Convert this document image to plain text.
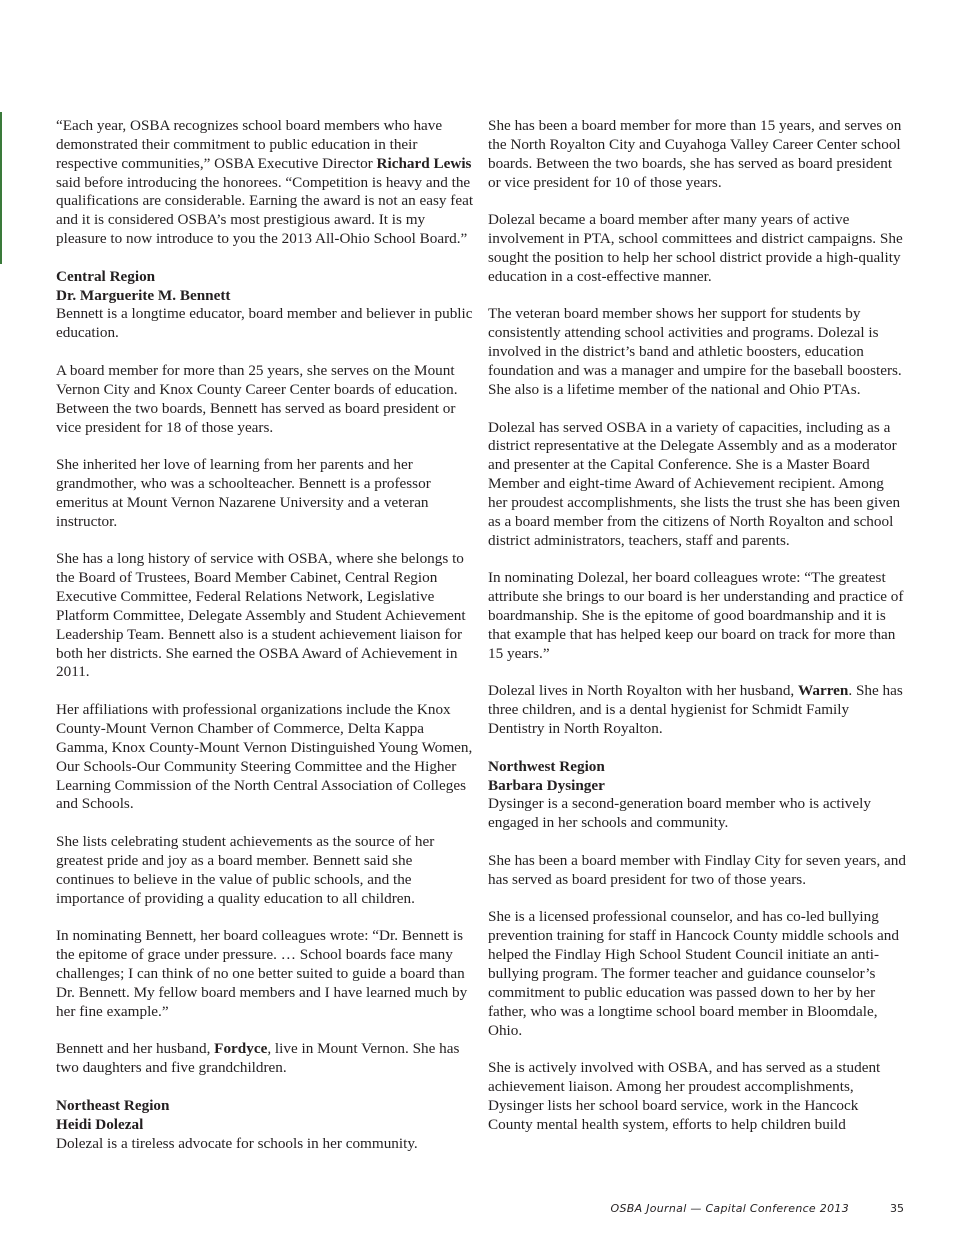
“Each year, OSBA recognizes school board members who have demonstrated their commitment to public education in their respective communities,” OSBA Executive Director Richard Lewis said before introducing the honorees. “Competition is heavy and the qualifications are considerable. Earning the award is not an easy feat and it is considered OSBA’s most prestigious award. It is my pleasure to now introduce to you the 2013 All-Ohio School Board.”

Central Region
Dr. Marguerite M. Bennett

Bennett is a longtime educator, board member and believer in public education.

A board member for more than 25 years, she serves on the Mount Vernon City and Knox County Career Center boards of education. Between the two boards, Bennett has served as board president or vice president for 18 of those years.

She inherited her love of learning from her parents and her grandmother, who was a schoolteacher. Bennett is a professor emeritus at Mount Vernon Nazarene University and a veteran instructor.

She has a long history of service with OSBA, where she belongs to the Board of Trustees, Board Member Cabinet, Central Region Executive Committee, Federal Relations Network, Legislative Platform Committee, Delegate Assembly and Student Achievement Leadership Team. Bennett also is a student achievement liaison for both her districts. She earned the OSBA Award of Achievement in 2011.

Her affiliations with professional organizations include the Knox County-Mount Vernon Chamber of Commerce, Delta Kappa Gamma, Knox County-Mount Vernon Distinguished Young Women, Our Schools-Our Community Steering Committee and the Higher Learning Commission of the North Central Association of Colleges and Schools.

She lists celebrating student achievements as the source of her greatest pride and joy as a board member. Bennett said she continues to believe in the value of public schools, and the importance of providing a quality education to all children.

In nominating Bennett, her board colleagues wrote: “Dr. Bennett is the epitome of grace under pressure. … School boards face many challenges; I can think of no one better suited to guide a board than Dr. Bennett. My fellow board members and I have learned much by her fine example.”

Bennett and her husband, Fordyce, live in Mount Vernon. She has two daughters and five grandchildren.

Northeast Region
Heidi Dolezal

Dolezal is a tireless advocate for schools in her community.

She has been a board member for more than 15 years, and serves on the North Royalton City and Cuyahoga Valley Career Center school boards. Between the two boards, she has served as board president or vice president for 10 of those years.

Dolezal became a board member after many years of active involvement in PTA, school committees and district campaigns. She sought the position to help her school district provide a high-quality education in a cost-effective manner.

The veteran board member shows her support for students by consistently attending school activities and programs. Dolezal is involved in the district’s band and athletic boosters, education foundation and was a manager and umpire for the baseball boosters. She also is a lifetime member of the national and Ohio PTAs.

Dolezal has served OSBA in a variety of capacities, including as a district representative at the Delegate Assembly and as a moderator and presenter at the Capital Conference. She is a Master Board Member and eight-time Award of Achievement recipient. Among her proudest accomplishments, she lists the trust she has been given as a board member from the citizens of North Royalton and school district administrators, teachers, staff and parents.

In nominating Dolezal, her board colleagues wrote: “The greatest attribute she brings to our board is her understanding and practice of boardmanship. She is the epitome of good boardmanship and it is that example that has helped keep our board on track for more than 15 years.”

Dolezal lives in North Royalton with her husband, Warren. She has three children, and is a dental hygienist for Schmidt Family Dentistry in North Royalton.

Northwest Region
Barbara Dysinger

Dysinger is a second-generation board member who is actively engaged in her schools and community.

She has been a board member with Findlay City for seven years, and has served as board president for two of those years.

She is a licensed professional counselor, and has co-led bullying prevention training for staff in Hancock County middle schools and helped the Findlay High School Student Council initiate an anti-bullying program. The former teacher and guidance counselor’s commitment to public education was passed down to her by her father, who was a longtime school board member in Bloomdale, Ohio.

She is actively involved with OSBA, and has served as a student achievement liaison. Among her proudest accomplishments, Dysinger lists her school board service, work in the Hancock County mental health system, efforts to help children build

OSBA Journal — Capital Conference 2013	35
